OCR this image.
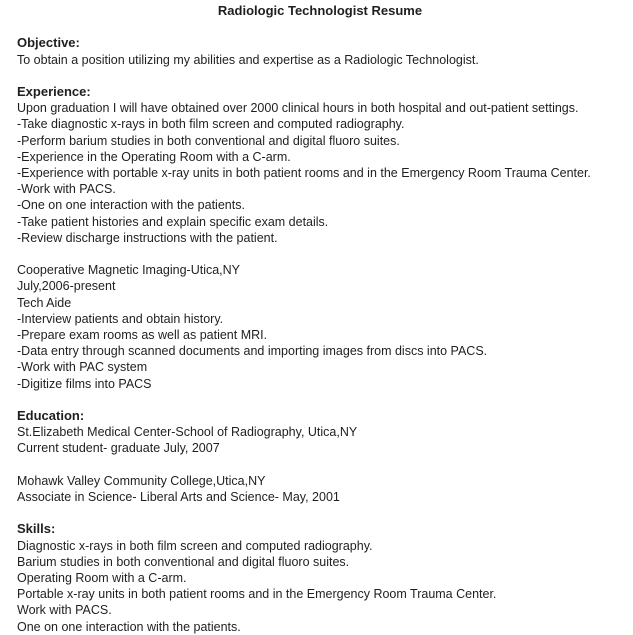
Radiologic Technologist Resume
Objective:
To obtain a position utilizing my abilities and expertise as a Radiologic Technologist.
Experience:
Upon graduation I will have obtained over 2000 clinical hours in both hospital and out-patient settings.
-Take diagnostic x-rays in both film screen and computed radiography.
-Perform barium studies in both conventional and digital fluoro suites.
-Experience in the Operating Room with a C-arm.
-Experience with portable x-ray units in both patient rooms and in the Emergency Room Trauma Center.
-Work with PACS.
-One on one interaction with the patients.
-Take patient histories and explain specific exam details.
-Review discharge instructions with the patient.
Cooperative Magnetic Imaging-Utica,NY
July,2006-present
Tech Aide
-Interview patients and obtain history.
-Prepare exam rooms as well as patient MRI.
-Data entry through scanned documents and importing images from discs into PACS.
-Work with PAC system
-Digitize films into PACS
Education:
St.Elizabeth Medical Center-School of Radiography, Utica,NY
Current student- graduate July, 2007
Mohawk Valley Community College,Utica,NY
Associate in Science- Liberal Arts and Science- May, 2001
Skills:
Diagnostic x-rays in both film screen and computed radiography.
Barium studies in both conventional and digital fluoro suites.
Operating Room with a C-arm.
Portable x-ray units in both patient rooms and in the Emergency Room Trauma Center.
Work with PACS.
One on one interaction with the patients.
